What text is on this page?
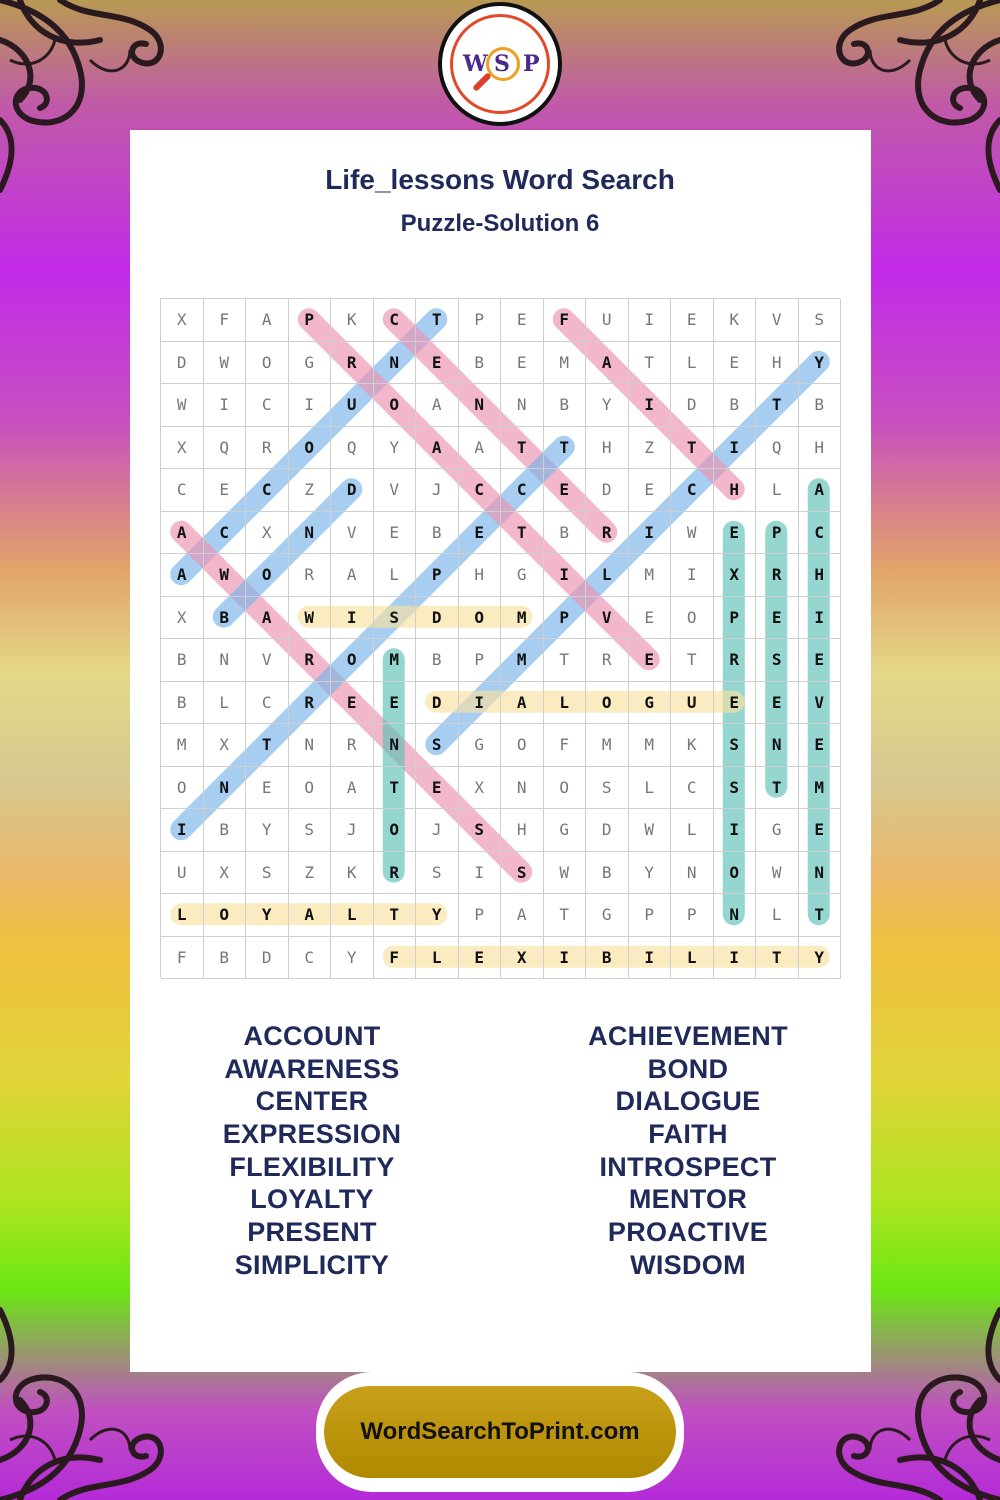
W S P
Life_lessons Word Search
Puzzle-Solution 6
X	F	A	P	K	C	T	P	E	F	U	I	E	K	V	S
D	W	O	G	R	N	E	B	E	M	A	T	L	E	H	Y
W	I	C	I	U	O	A	N	N	B	Y	I	D	B	T	B
X	Q	R	O	Q	Y	A	A	T	T	H	Z	T	I	Q	H
C	E	C	Z	D	V	J	C	C	E	D	E	C	H	L	A
A	C	X	N	V	E	B	E	T	B	R	I	W	E	P	C
A	W	O	R	A	L	P	H	G	I	L	M	I	X	R	H
X	B	A	W	I	S	D	O	M	P	V	E	O	P	E	I
B	N	V	R	O	M	B	P	M	T	R	E	T	R	S	E
B	L	C	R	E	E	D	I	A	L	O	G	U	E	E	V
M	X	T	N	R	N	S	G	O	F	M	M	K	S	N	E
O	N	E	O	A	T	E	X	N	O	S	L	C	S	T	M
I	B	Y	S	J	O	J	S	H	G	D	W	L	I	G	E
U	X	S	Z	K	R	S	I	S	W	B	Y	N	O	W	N
L	O	Y	A	L	T	Y	P	A	T	G	P	P	N	L	T
F	B	D	C	Y	F	L	E	X	I	B	I	L	I	T	Y
ACCOUNT
AWARENESS
CENTER
EXPRESSION
FLEXIBILITY
LOYALTY
PRESENT
SIMPLICITY
ACHIEVEMENT
BOND
DIALOGUE
FAITH
INTROSPECT
MENTOR
PROACTIVE
WISDOM
WordSearchToPrint.com
